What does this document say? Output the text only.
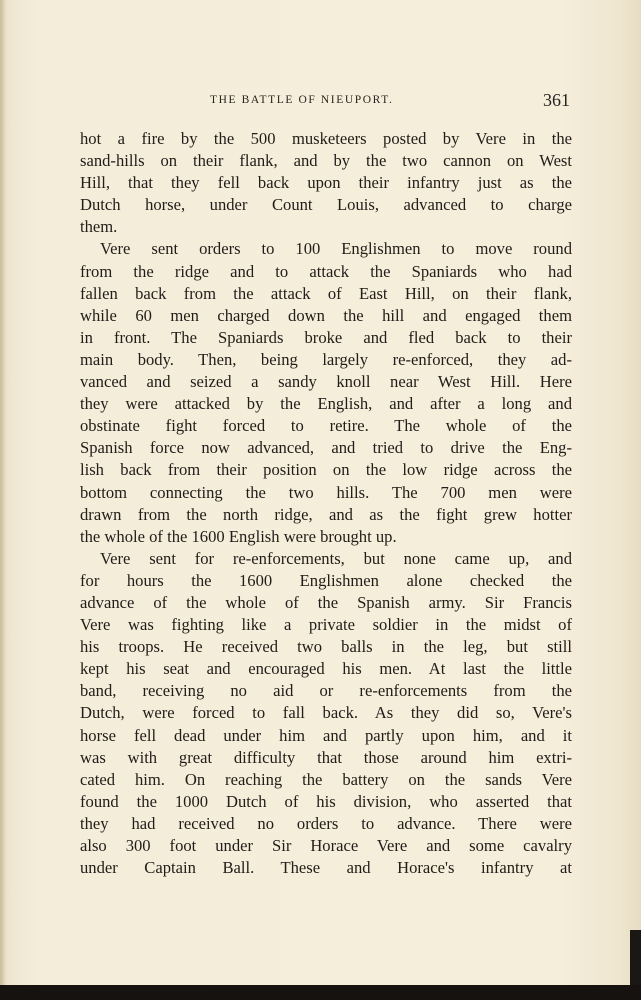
THE BATTLE OF NIEUPORT.	361
hot a fire by the 500 musketeers posted by Vere in the
sand-hills on their flank, and by the two cannon on West
Hill, that they fell back upon their infantry just as the
Dutch horse, under Count Louis, advanced to charge
them.
Vere sent orders to 100 Englishmen to move round
from the ridge and to attack the Spaniards who had
fallen back from the attack of East Hill, on their flank,
while 60 men charged down the hill and engaged them
in front. The Spaniards broke and fled back to their
main body. Then, being largely re-enforced, they ad-
vanced and seized a sandy knoll near West Hill. Here
they were attacked by the English, and after a long and
obstinate fight forced to retire. The whole of the
Spanish force now advanced, and tried to drive the Eng-
lish back from their position on the low ridge across the
bottom connecting the two hills. The 700 men were
drawn from the north ridge, and as the fight grew hotter
the whole of the 1600 English were brought up.
Vere sent for re-enforcements, but none came up, and
for hours the 1600 Englishmen alone checked the
advance of the whole of the Spanish army. Sir Francis
Vere was fighting like a private soldier in the midst of
his troops. He received two balls in the leg, but still
kept his seat and encouraged his men. At last the little
band, receiving no aid or re-enforcements from the
Dutch, were forced to fall back. As they did so, Vere's
horse fell dead under him and partly upon him, and it
was with great difficulty that those around him extri-
cated him. On reaching the battery on the sands Vere
found the 1000 Dutch of his division, who asserted that
they had received no orders to advance. There were
also 300 foot under Sir Horace Vere and some cavalry
under Captain Ball. These and Horace's infantry at
